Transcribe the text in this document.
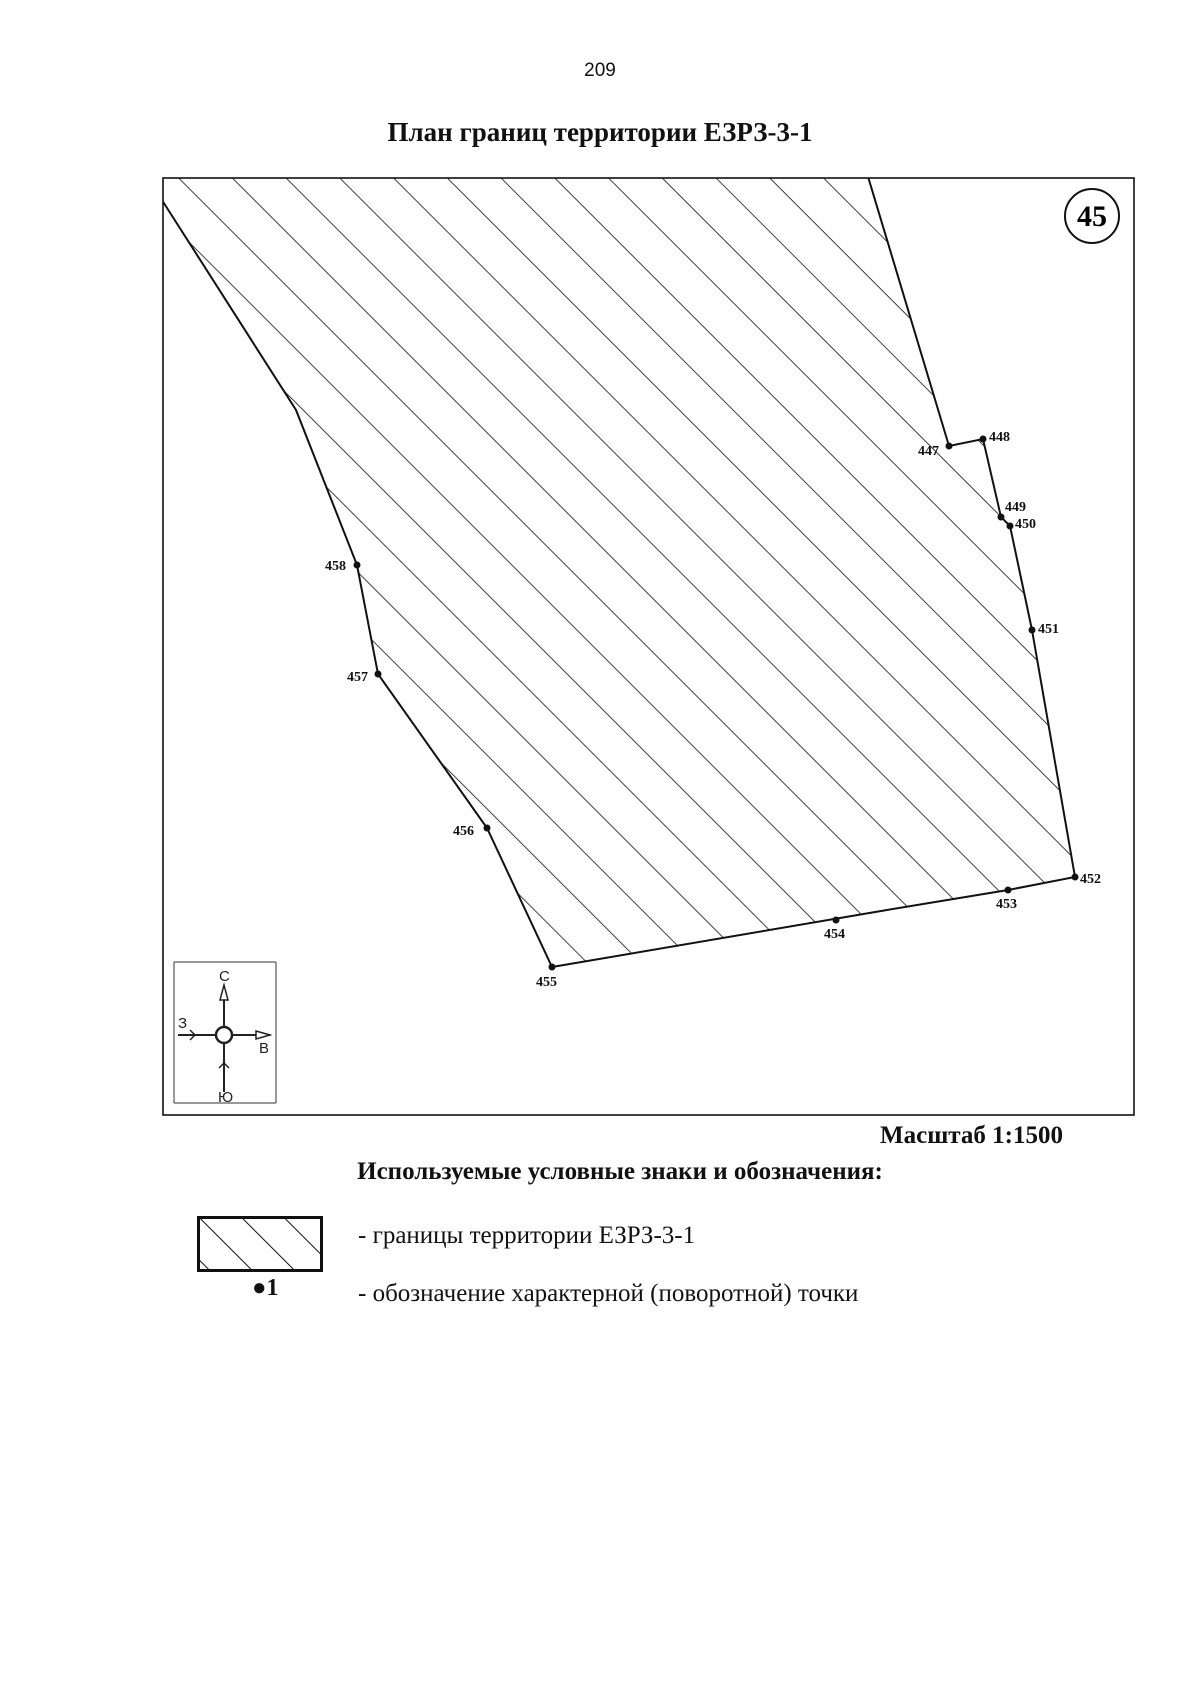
209
План границ территории ЕЗРЗ-3-1
45
447
448
449
450
451
452
453
454
455
456
457
458
С
З
В
Ю
Масштаб 1:1500
Используемые условные знаки и обозначения:
●1
- границы территории ЕЗРЗ-3-1
- обозначение характерной (поворотной) точки
